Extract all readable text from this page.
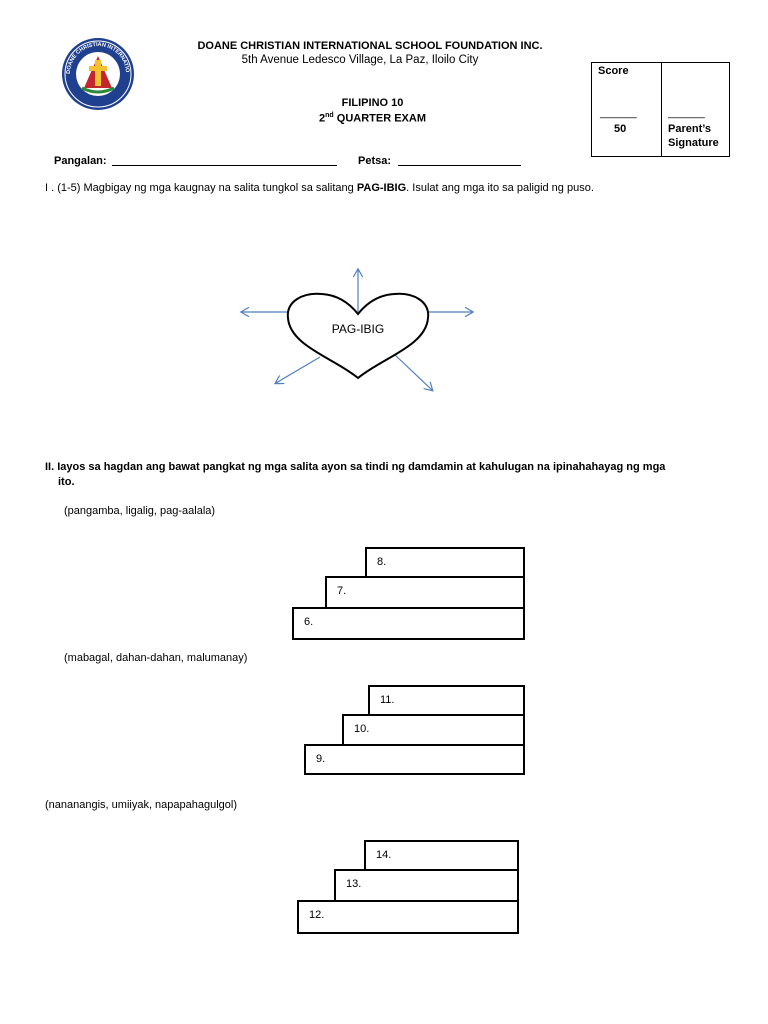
DOANE CHRISTIAN INTERNATIO
DOANE CHRISTIAN INTERNATIONAL SCHOOL FOUNDATION INC.
5th Avenue Ledesco Village, La Paz, Iloilo City
FILIPINO 10
2nd QUARTER EXAM
Score
______
50
______
Parent’s
Signature
Pangalan:	Petsa:
I . (1-5) Magbigay ng mga kaugnay na salita tungkol sa salitang PAG-IBIG. Isulat ang mga ito sa paligid ng puso.
PAG-IBIG
II. Iayos sa hagdan ang bawat pangkat ng mga salita ayon sa tindi ng damdamin at kahulugan na ipinahahayag ng mga
ito.
(pangamba, ligalig, pag-aalala)
8.
7.
6.
(mabagal, dahan-dahan, malumanay)
11.
10.
9.
(nananangis, umiiyak, napapahagulgol)
14.
13.
12.
